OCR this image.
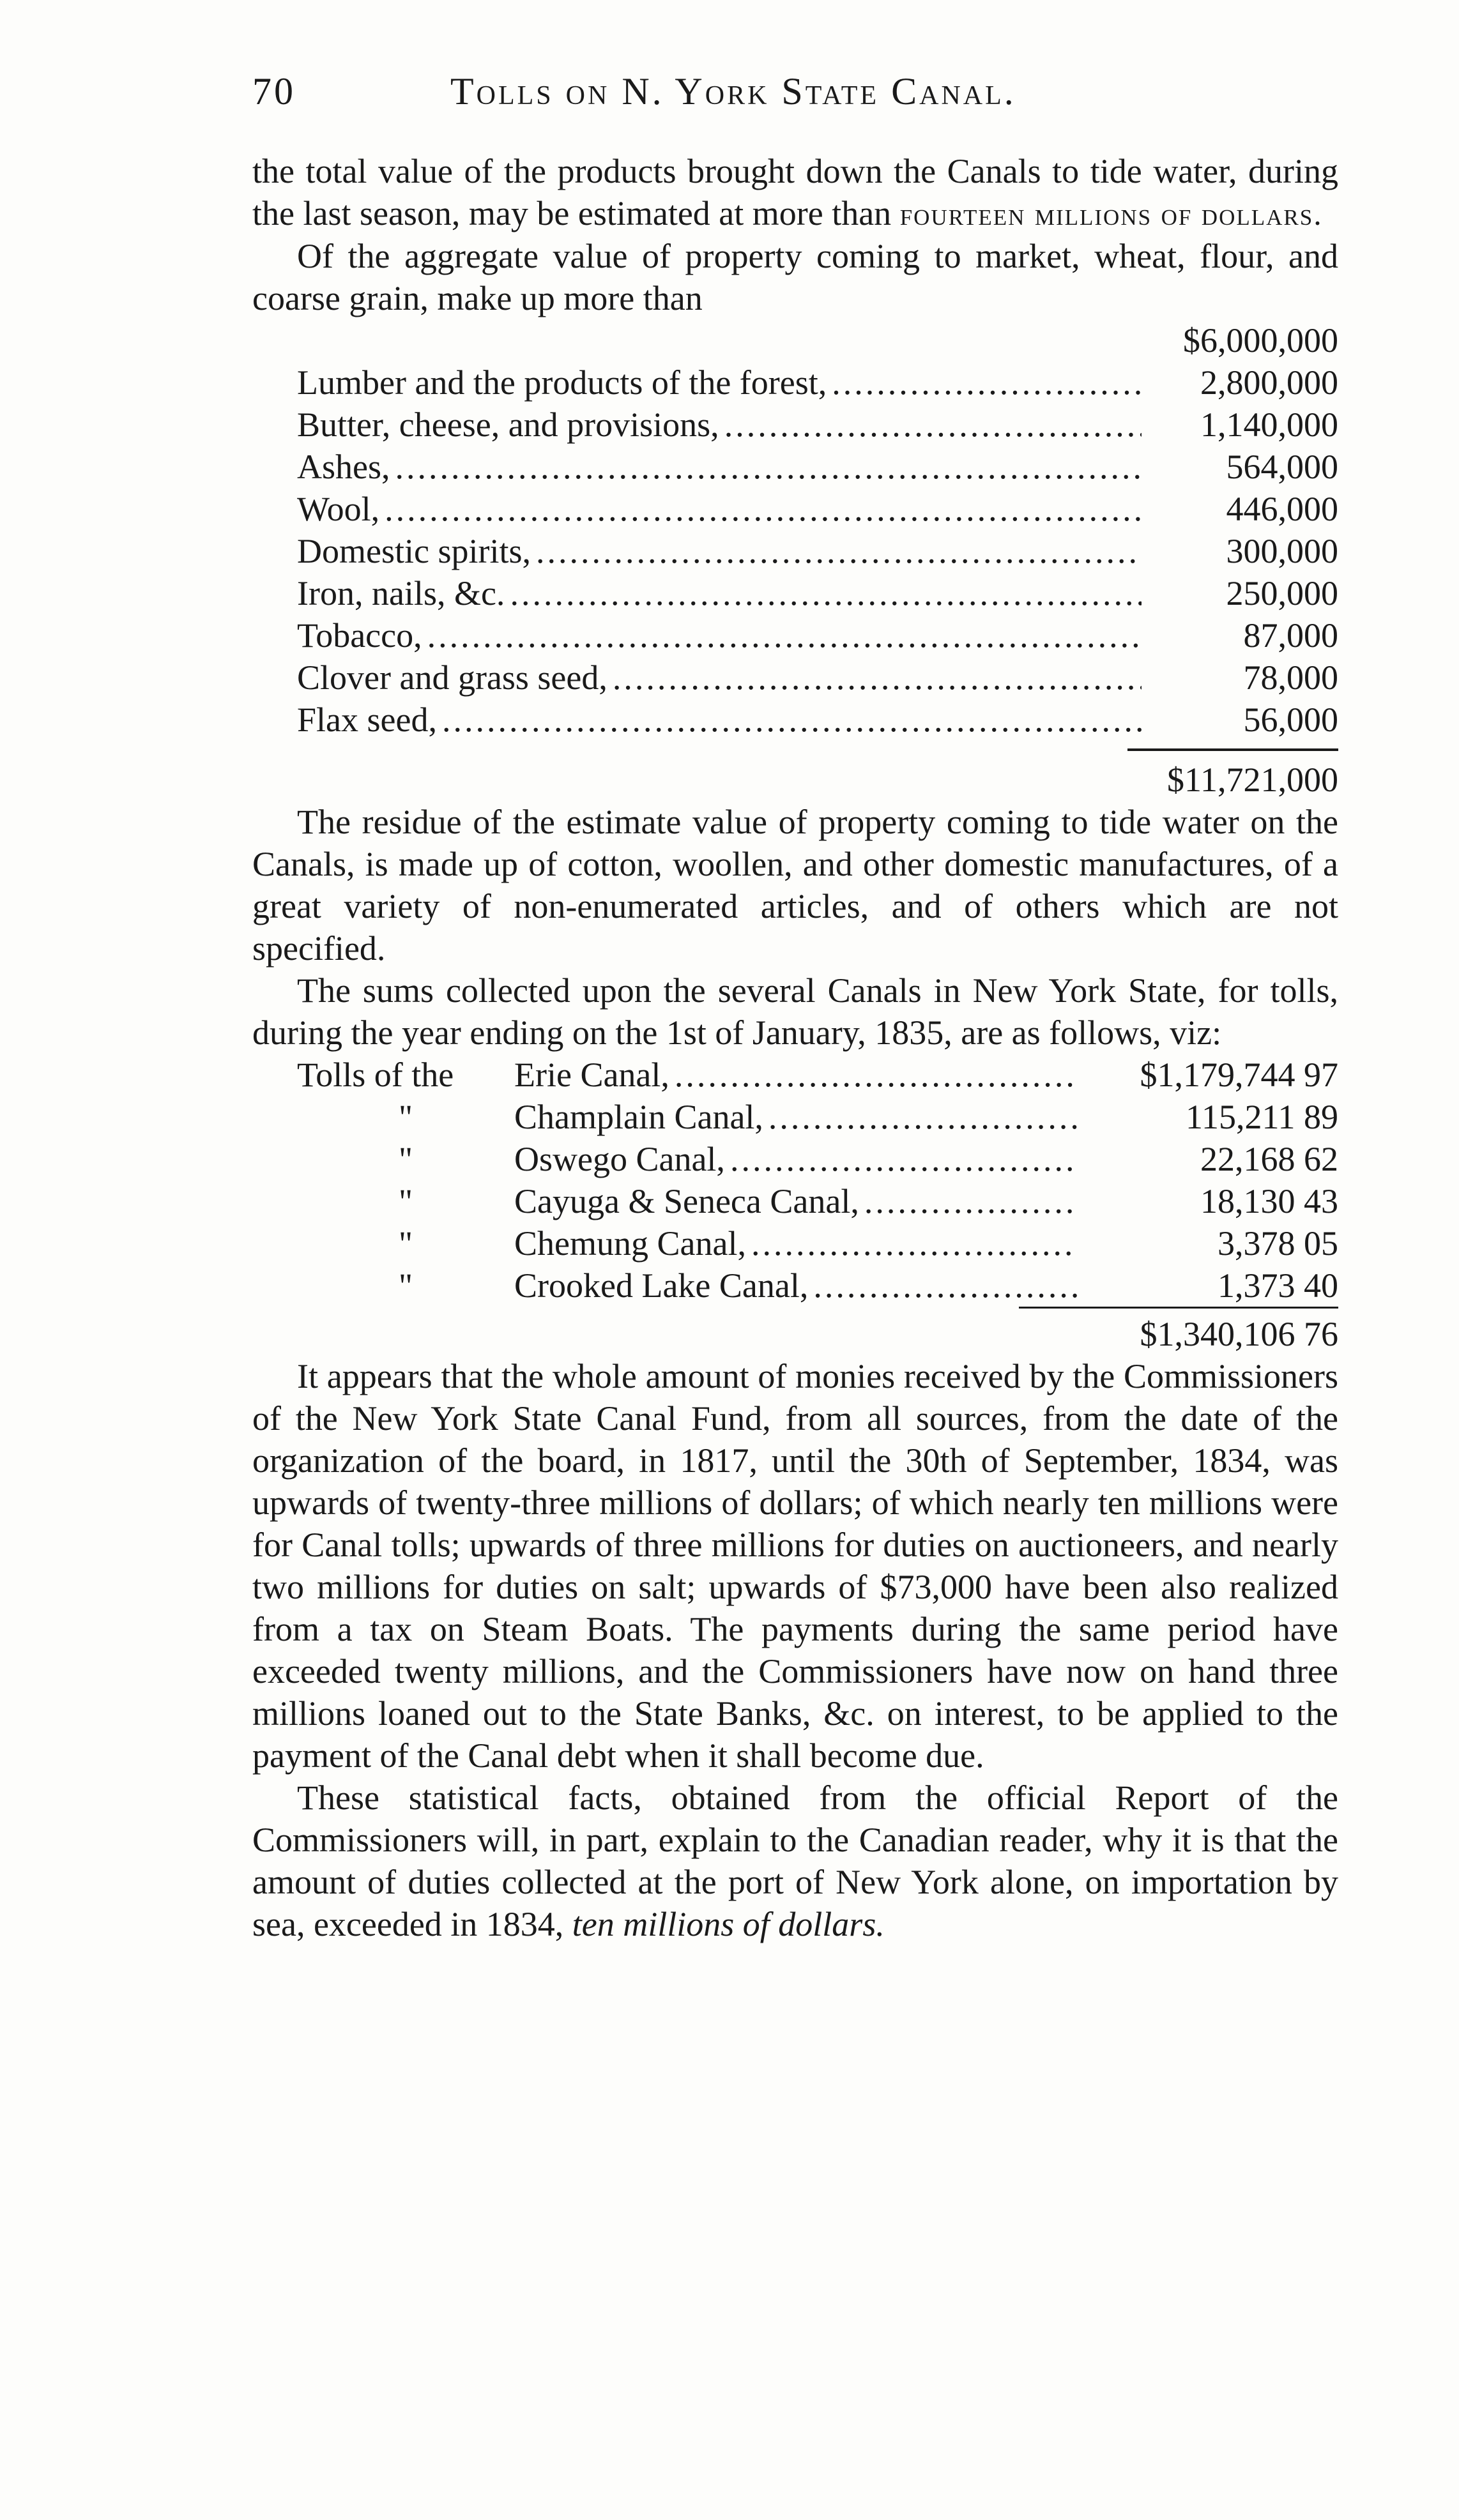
70	Tolls on N. York State Canal.

the total value of the products brought down the Canals to tide water, during the last season, may be estimated at more than fourteen millions of dollars.

Of the aggregate value of property coming to market, wheat, flour, and coarse grain, make up more than

$6,000,000
Lumber and the products of the forest, .....	2,800,000
Butter, cheese, and provisions, .....	1,140,000
Ashes, .....	564,000
Wool, .....	446,000
Domestic spirits, .....	300,000
Iron, nails, &c. .....	250,000
Tobacco, .....	87,000
Clover and grass seed, .....	78,000
Flax seed, .....	56,000
$11,721,000

The residue of the estimate value of property coming to tide water on the Canals, is made up of cotton, woollen, and other domestic manufactures, of a great variety of non-enumerated articles, and of others which are not specified.

The sums collected upon the several Canals in New York State, for tolls, during the year ending on the 1st of January, 1835, are as follows, viz:

Tolls of the	Erie Canal, .....	$1,179,744 97
"	Champlain Canal, .....	115,211 89
"	Oswego Canal, .....	22,168 62
"	Cayuga & Seneca Canal, .....	18,130 43
"	Chemung Canal, .....	3,378 05
"	Crooked Lake Canal, .....	1,373 40
$1,340,106 76

It appears that the whole amount of monies received by the Commissioners of the New York State Canal Fund, from all sources, from the date of the organization of the board, in 1817, until the 30th of September, 1834, was upwards of twenty-three millions of dollars; of which nearly ten millions were for Canal tolls; upwards of three millions for duties on auctioneers, and nearly two millions for duties on salt; upwards of $73,000 have been also realized from a tax on Steam Boats. The payments during the same period have exceeded twenty millions, and the Commissioners have now on hand three millions loaned out to the State Banks, &c. on interest, to be applied to the payment of the Canal debt when it shall become due.

These statistical facts, obtained from the official Report of the Commissioners will, in part, explain to the Canadian reader, why it is that the amount of duties collected at the port of New York alone, on importation by sea, exceeded in 1834, ten millions of dollars.
